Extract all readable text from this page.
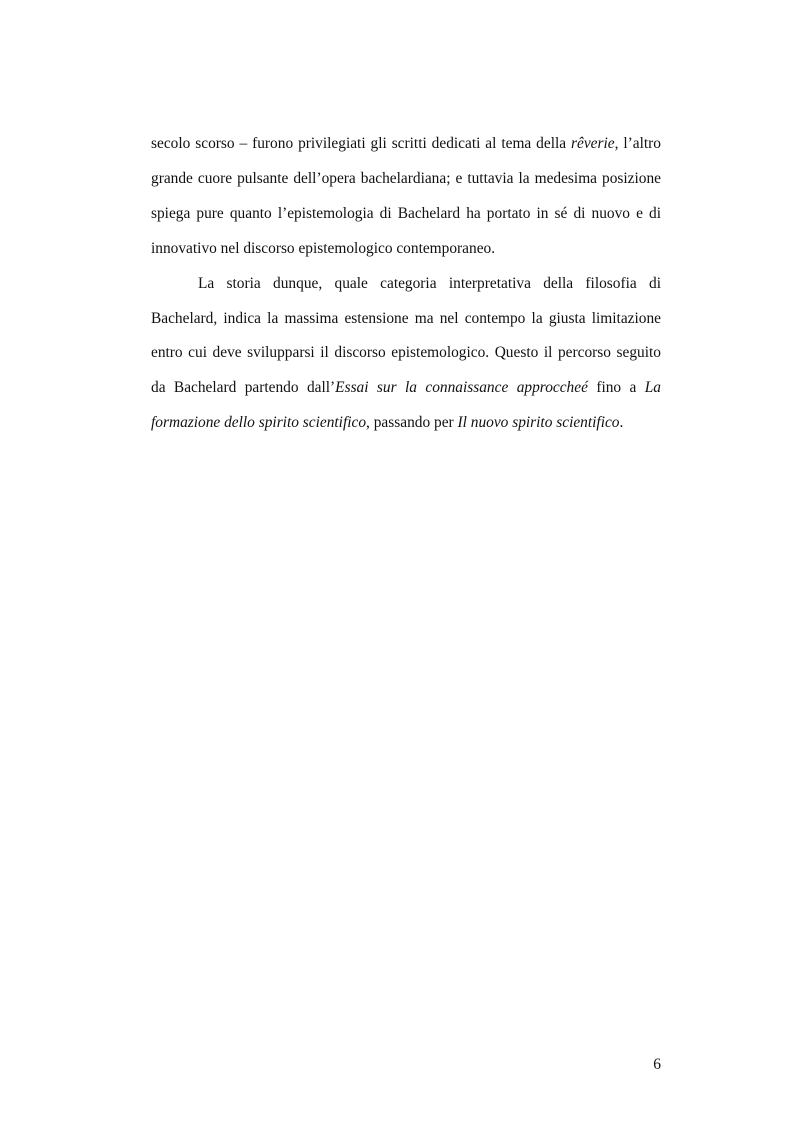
secolo scorso – furono privilegiati gli scritti dedicati al tema della rêverie, l’altro grande cuore pulsante dell’opera bachelardiana; e tuttavia la medesima posizione spiega pure quanto l’epistemologia di Bachelard ha portato in sé di nuovo e di innovativo nel discorso epistemologico contemporaneo.

La storia dunque, quale categoria interpretativa della filosofia di Bachelard, indica la massima estensione ma nel contempo la giusta limitazione entro cui deve svilupparsi il discorso epistemologico. Questo il percorso seguito da Bachelard partendo dall’Essai sur la connaissance approccheé fino a La formazione dello spirito scientifico, passando per Il nuovo spirito scientifico.

6
